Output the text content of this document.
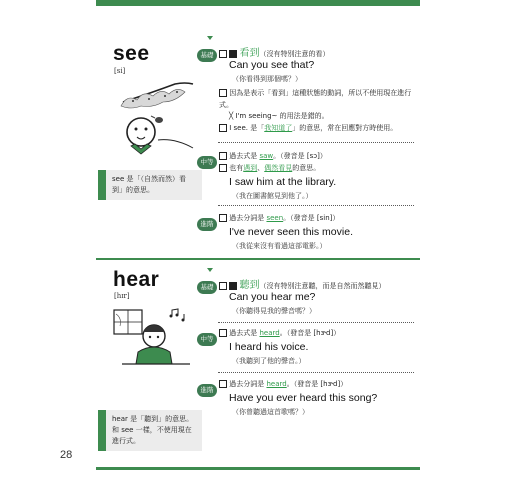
see
[si]
see 是「（自然而然）看到」的意思。
基礎	看到（沒有特別注意的看）
Can you see that?
（你看得到那個嗎？）
因為是表示「看到」這種狀態的動詞，所以不使用現在進行式。
╳ I'm seeing~ 的用法是錯的。
I see. 是「我知道了」的意思，常在回應對方時使用。
中等
過去式是 saw。（發音是 [sɔ]）
也有遇到、偶然看見的意思。
I saw him at the library.
（我在圖書館見到他了。）
進階
過去分詞是 seen。（發音是 [sin]）
I've never seen this movie.
（我從來沒有看過這部電影。）
hear
[hɪr]
hear 是「聽到」的意思。和 see 一樣，不使用現在進行式。
基礎	聽到（沒有特別注意聽，而是自然而然聽見）
Can you hear me?
（你聽得見我的聲音嗎？）
中等
過去式是 heard。（發音是 [hɝd]）
I heard his voice.
（我聽到了他的聲音。）
進階
過去分詞是 heard。（發音是 [hɝd]）
Have you ever heard this song?
（你曾聽過這首歌嗎？）
28
